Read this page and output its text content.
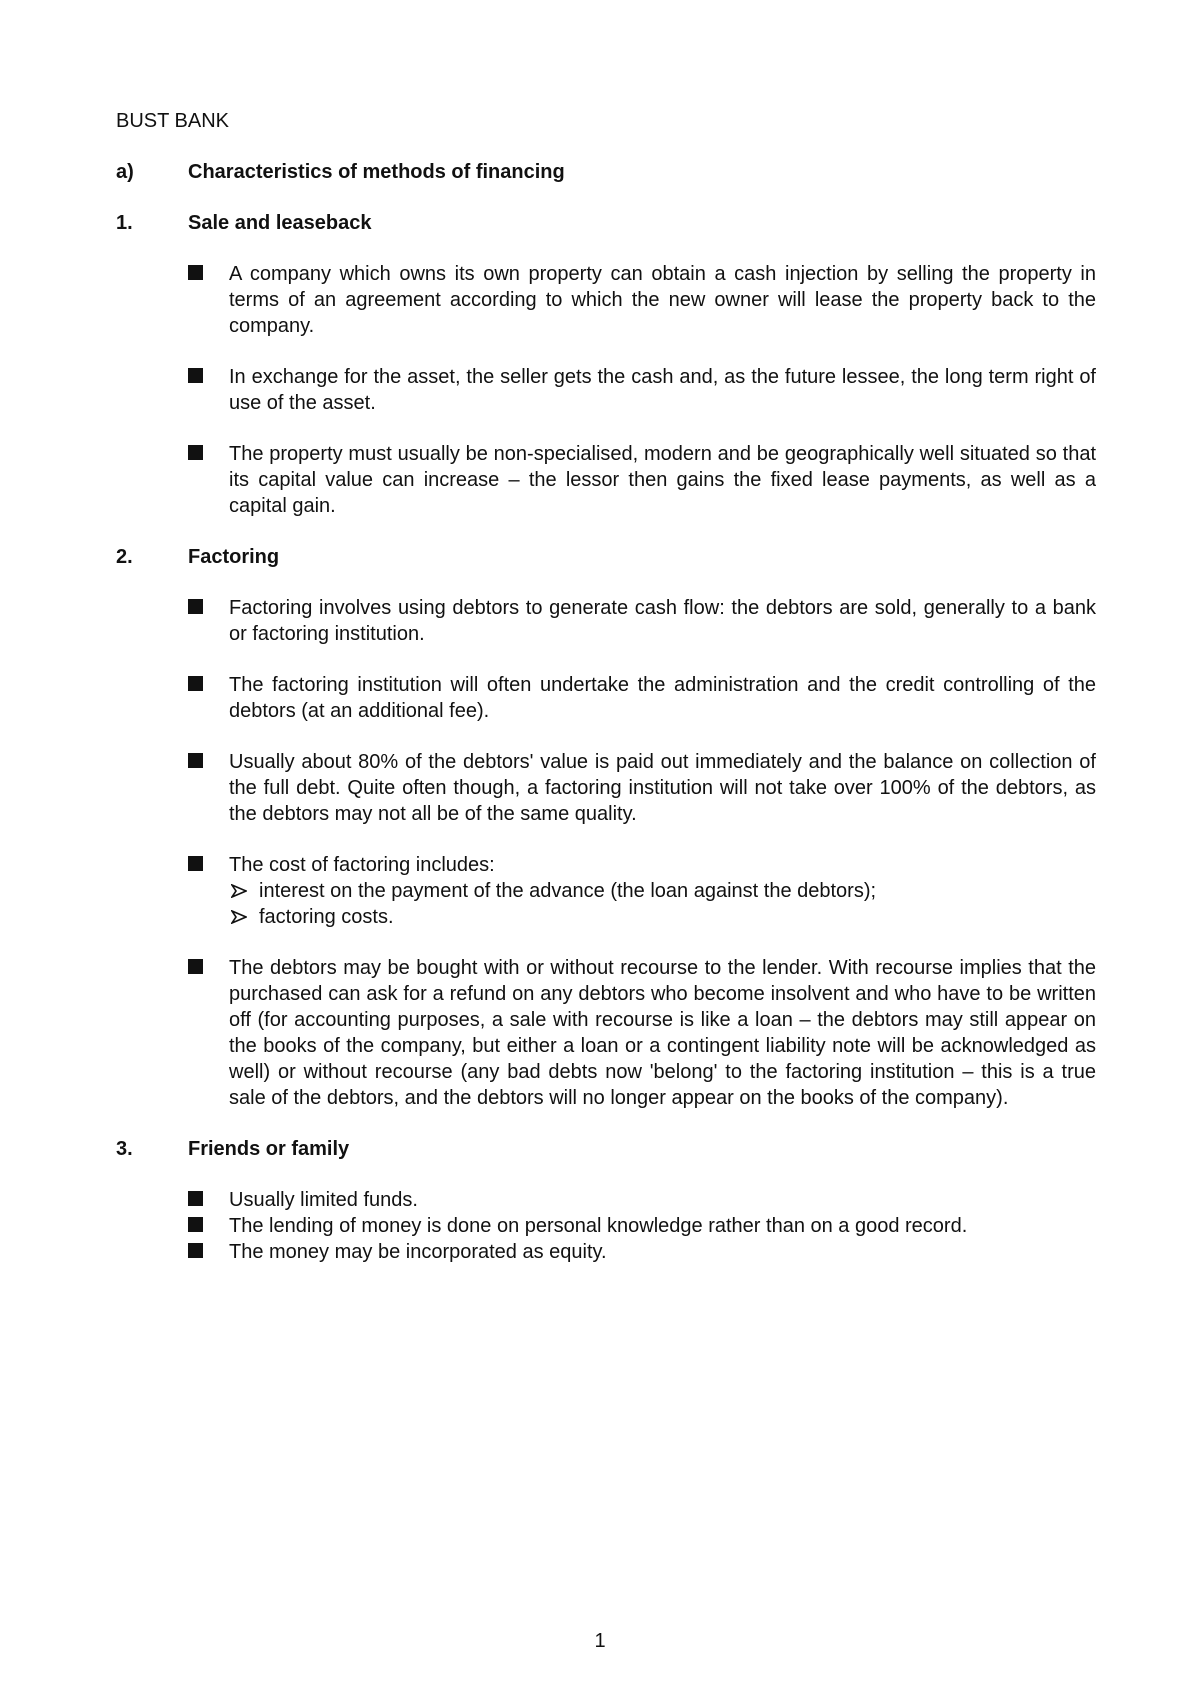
BUST BANK
a)	Characteristics of methods of financing
1.	Sale and leaseback
A company which owns its own property can obtain a cash injection by selling the property in terms of an agreement according to which the new owner will lease the property back to the company.
In exchange for the asset, the seller gets the cash and, as the future lessee, the long term right of use of the asset.
The property must usually be non-specialised, modern and be geographically well situated so that its capital value can increase – the lessor then gains the fixed lease payments, as well as a capital gain.
2.	Factoring
Factoring involves using debtors to generate cash flow: the debtors are sold, generally to a bank or factoring institution.
The factoring institution will often undertake the administration and the credit controlling of the debtors (at an additional fee).
Usually about 80% of the debtors' value is paid out immediately and the balance on collection of the full debt. Quite often though, a factoring institution will not take over 100% of the debtors, as the debtors may not all be of the same quality.
The cost of factoring includes:
interest on the payment of the advance (the loan against the debtors);
factoring costs.
The debtors may be bought with or without recourse to the lender. With recourse implies that the purchased can ask for a refund on any debtors who become insolvent and who have to be written off (for accounting purposes, a sale with recourse is like a loan – the debtors may still appear on the books of the company, but either a loan or a contingent liability note will be acknowledged as well) or without recourse (any bad debts now 'belong' to the factoring institution – this is a true sale of the debtors, and the debtors will no longer appear on the books of the company).
3.	Friends or family
Usually limited funds.
The lending of money is done on personal knowledge rather than on a good record.
The money may be incorporated as equity.
1
